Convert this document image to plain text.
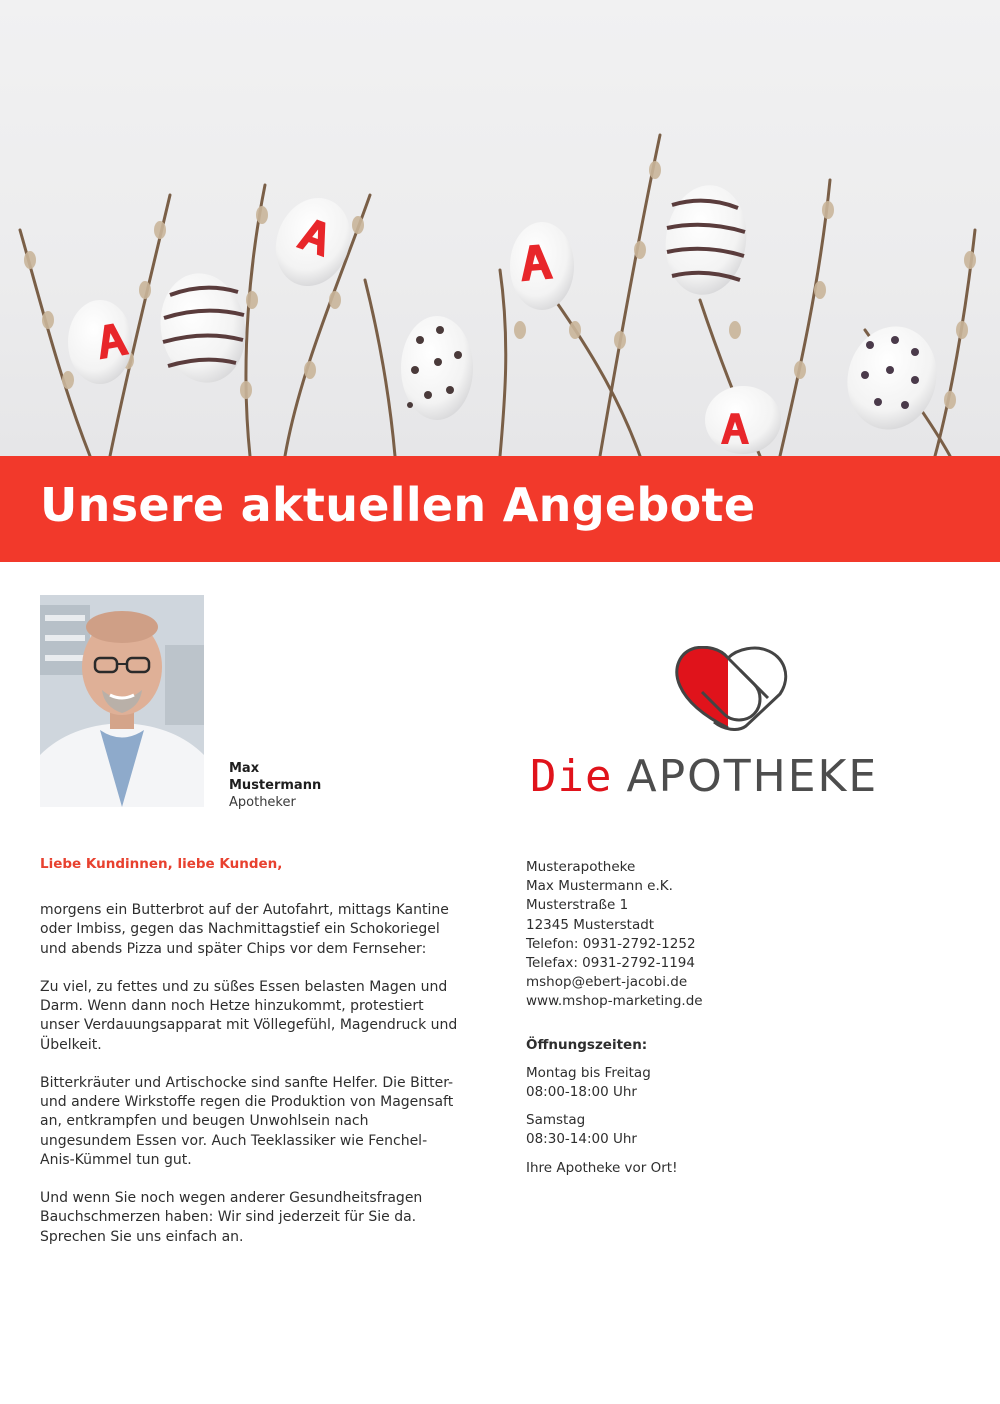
Unsere aktuellen Angebote
Max
Mustermann
Apotheker
Die APOTHEKE

Liebe Kundinnen, liebe Kunden,

morgens ein Butterbrot auf der Autofahrt, mittags Kantine oder Imbiss, gegen das Nachmittagstief ein Schokoriegel und abends Pizza und später Chips vor dem Fernseher:

Zu viel, zu fettes und zu süßes Essen belasten Magen und Darm. Wenn dann noch Hetze hinzukommt, protestiert unser Verdauungsapparat mit Völlegefühl, Magendruck und Übelkeit.

Bitterkräuter und Artischocke sind sanfte Helfer. Die Bitter- und andere Wirkstoffe regen die Produktion von Magensaft an, entkrampfen und beugen Unwohlsein nach ungesundem Essen vor. Auch Teeklassiker wie Fenchel-Anis-Kümmel tun gut.

Und wenn Sie noch wegen anderer Gesundheitsfragen Bauchschmerzen haben: Wir sind jederzeit für Sie da. Sprechen Sie uns einfach an.

Musterapotheke
Max Mustermann e.K.
Musterstraße 1
12345 Musterstadt
Telefon: 0931-2792-1252
Telefax: 0931-2792-1194
mshop@ebert-jacobi.de
www.mshop-marketing.de
Öffnungszeiten:
Montag bis Freitag
08:00-18:00 Uhr
Samstag
08:30-14:00 Uhr
Ihre Apotheke vor Ort!
